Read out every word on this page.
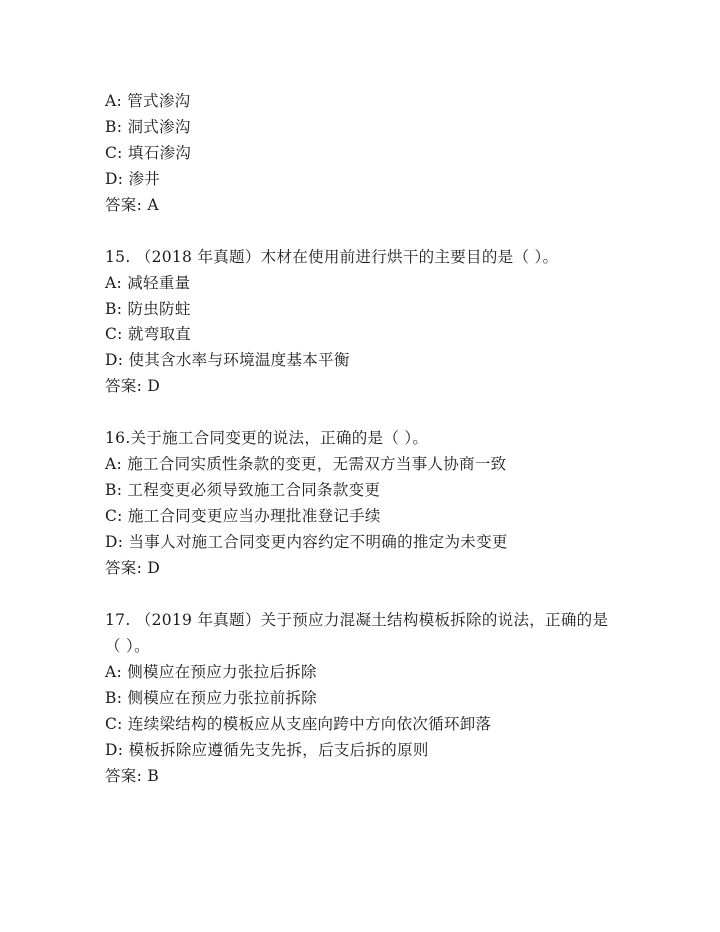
A: 管式渗沟
B: 洞式渗沟
C: 填石渗沟
D: 渗井
答案: A
15. （2018 年真题）木材在使用前进行烘干的主要目的是（ ）。
A: 减轻重量
B: 防虫防蛀
C: 就弯取直
D: 使其含水率与环境温度基本平衡
答案: D
16.关于施工合同变更的说法，正确的是（ ）。
A: 施工合同实质性条款的变更，无需双方当事人协商一致
B: 工程变更必须导致施工合同条款变更
C: 施工合同变更应当办理批准登记手续
D: 当事人对施工合同变更内容约定不明确的推定为未变更
答案: D
17. （2019 年真题）关于预应力混凝土结构模板拆除的说法，正确的是
（ ）。
A: 侧模应在预应力张拉后拆除
B: 侧模应在预应力张拉前拆除
C: 连续梁结构的模板应从支座向跨中方向依次循环卸落
D: 模板拆除应遵循先支先拆，后支后拆的原则
答案: B
